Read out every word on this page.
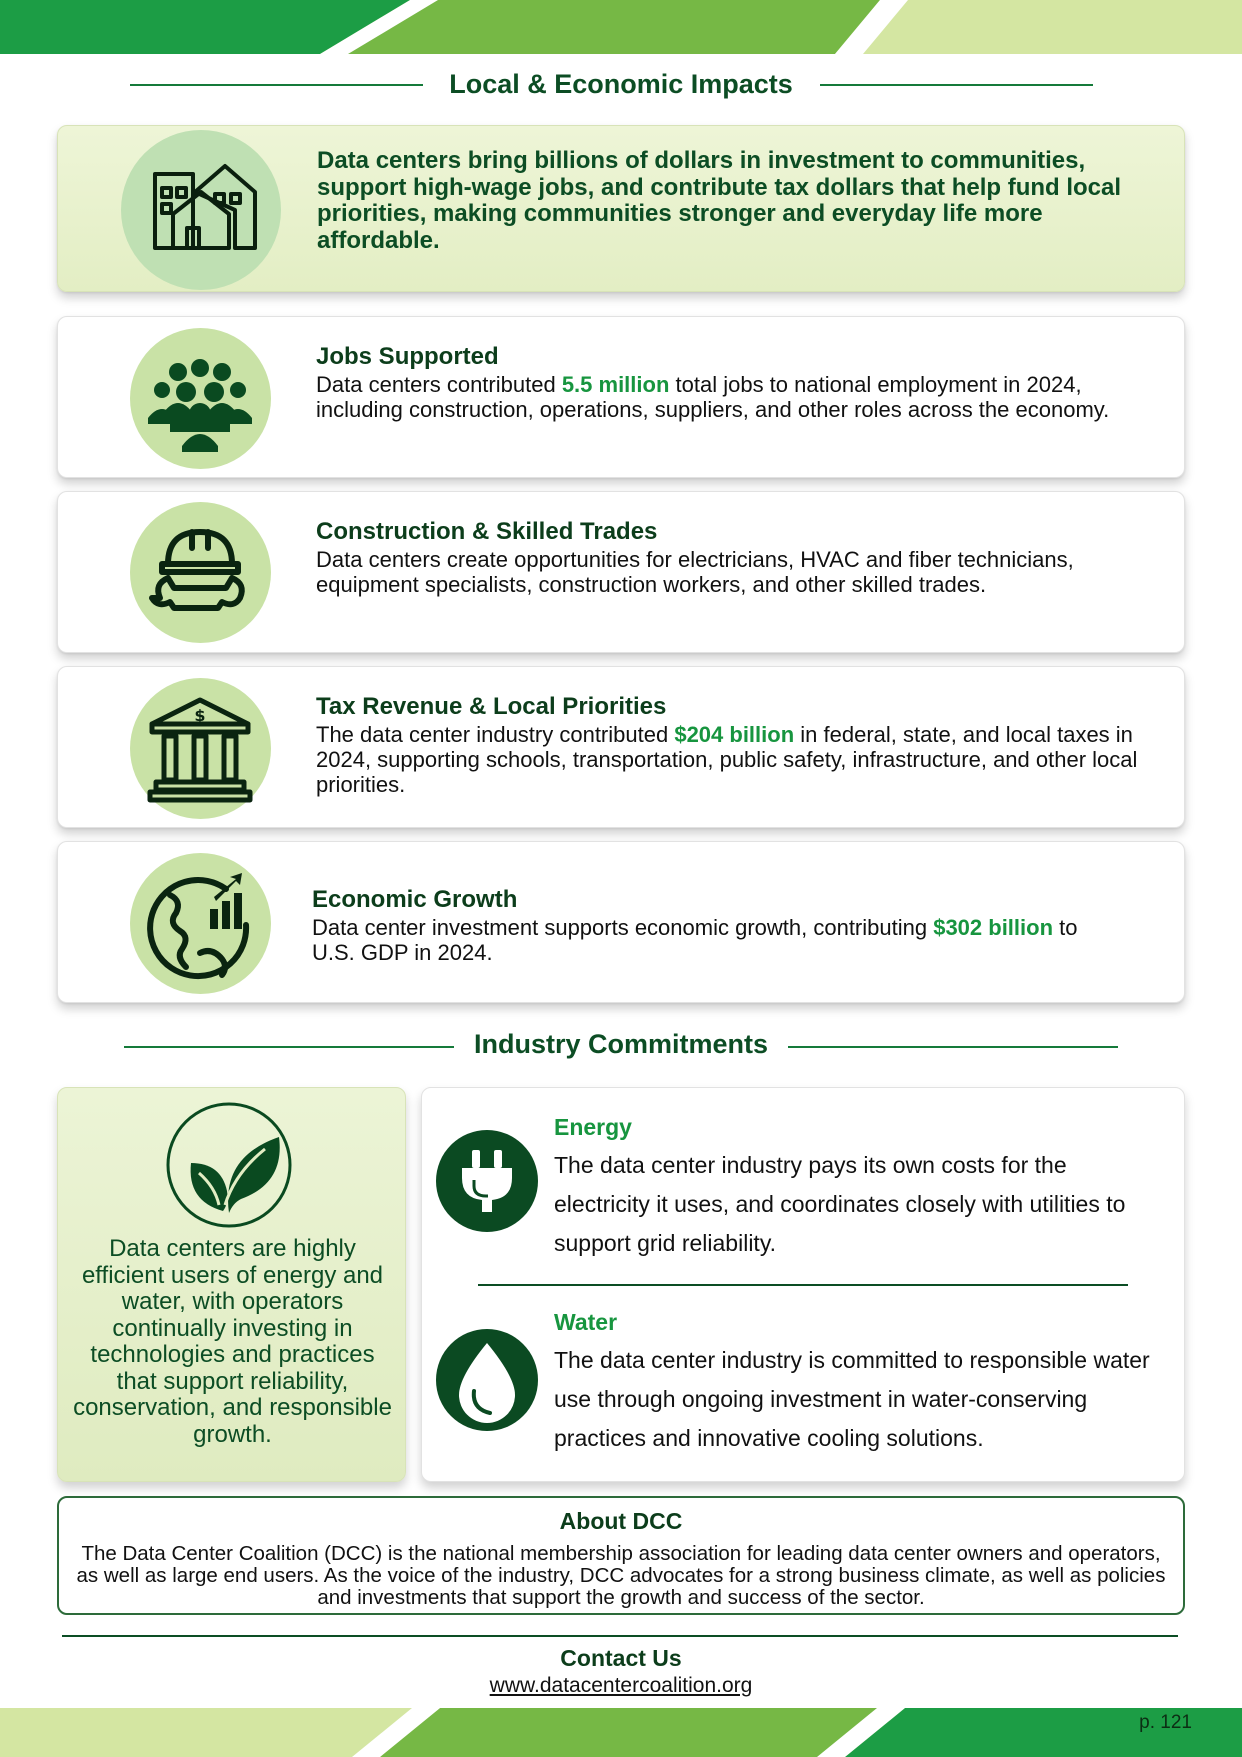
Local & Economic Impacts
Data centers bring billions of dollars in investment to communities, support high-wage jobs, and contribute tax dollars that help fund local priorities, making communities stronger and everyday life more affordable.
Jobs Supported
Data centers contributed 5.5 million total jobs to national employment in 2024, including construction, operations, suppliers, and other roles across the economy.
Construction & Skilled Trades
Data centers create opportunities for electricians, HVAC and fiber technicians, equipment specialists, construction workers, and other skilled trades.
$	Tax Revenue & Local Priorities
The data center industry contributed $204 billion in federal, state, and local taxes in 2024, supporting schools, transportation, public safety, infrastructure, and other local priorities.
Economic Growth
Data center investment supports economic growth, contributing $302 billion to U.S. GDP in 2024.
Industry Commitments
Data centers are highly efficient users of energy and water, with operators continually investing in technologies and practices that support reliability, conservation, and responsible growth.
Energy
The data center industry pays its own costs for the electricity it uses, and coordinates closely with utilities to support grid reliability.
Water
The data center industry is committed to responsible water use through ongoing investment in water-conserving practices and innovative cooling solutions.
About DCC
The Data Center Coalition (DCC) is the national membership association for leading data center owners and operators, as well as large end users. As the voice of the industry, DCC advocates for a strong business climate, as well as policies and investments that support the growth and success of the sector.
Contact Us
www.datacentercoalition.org
p. 121
